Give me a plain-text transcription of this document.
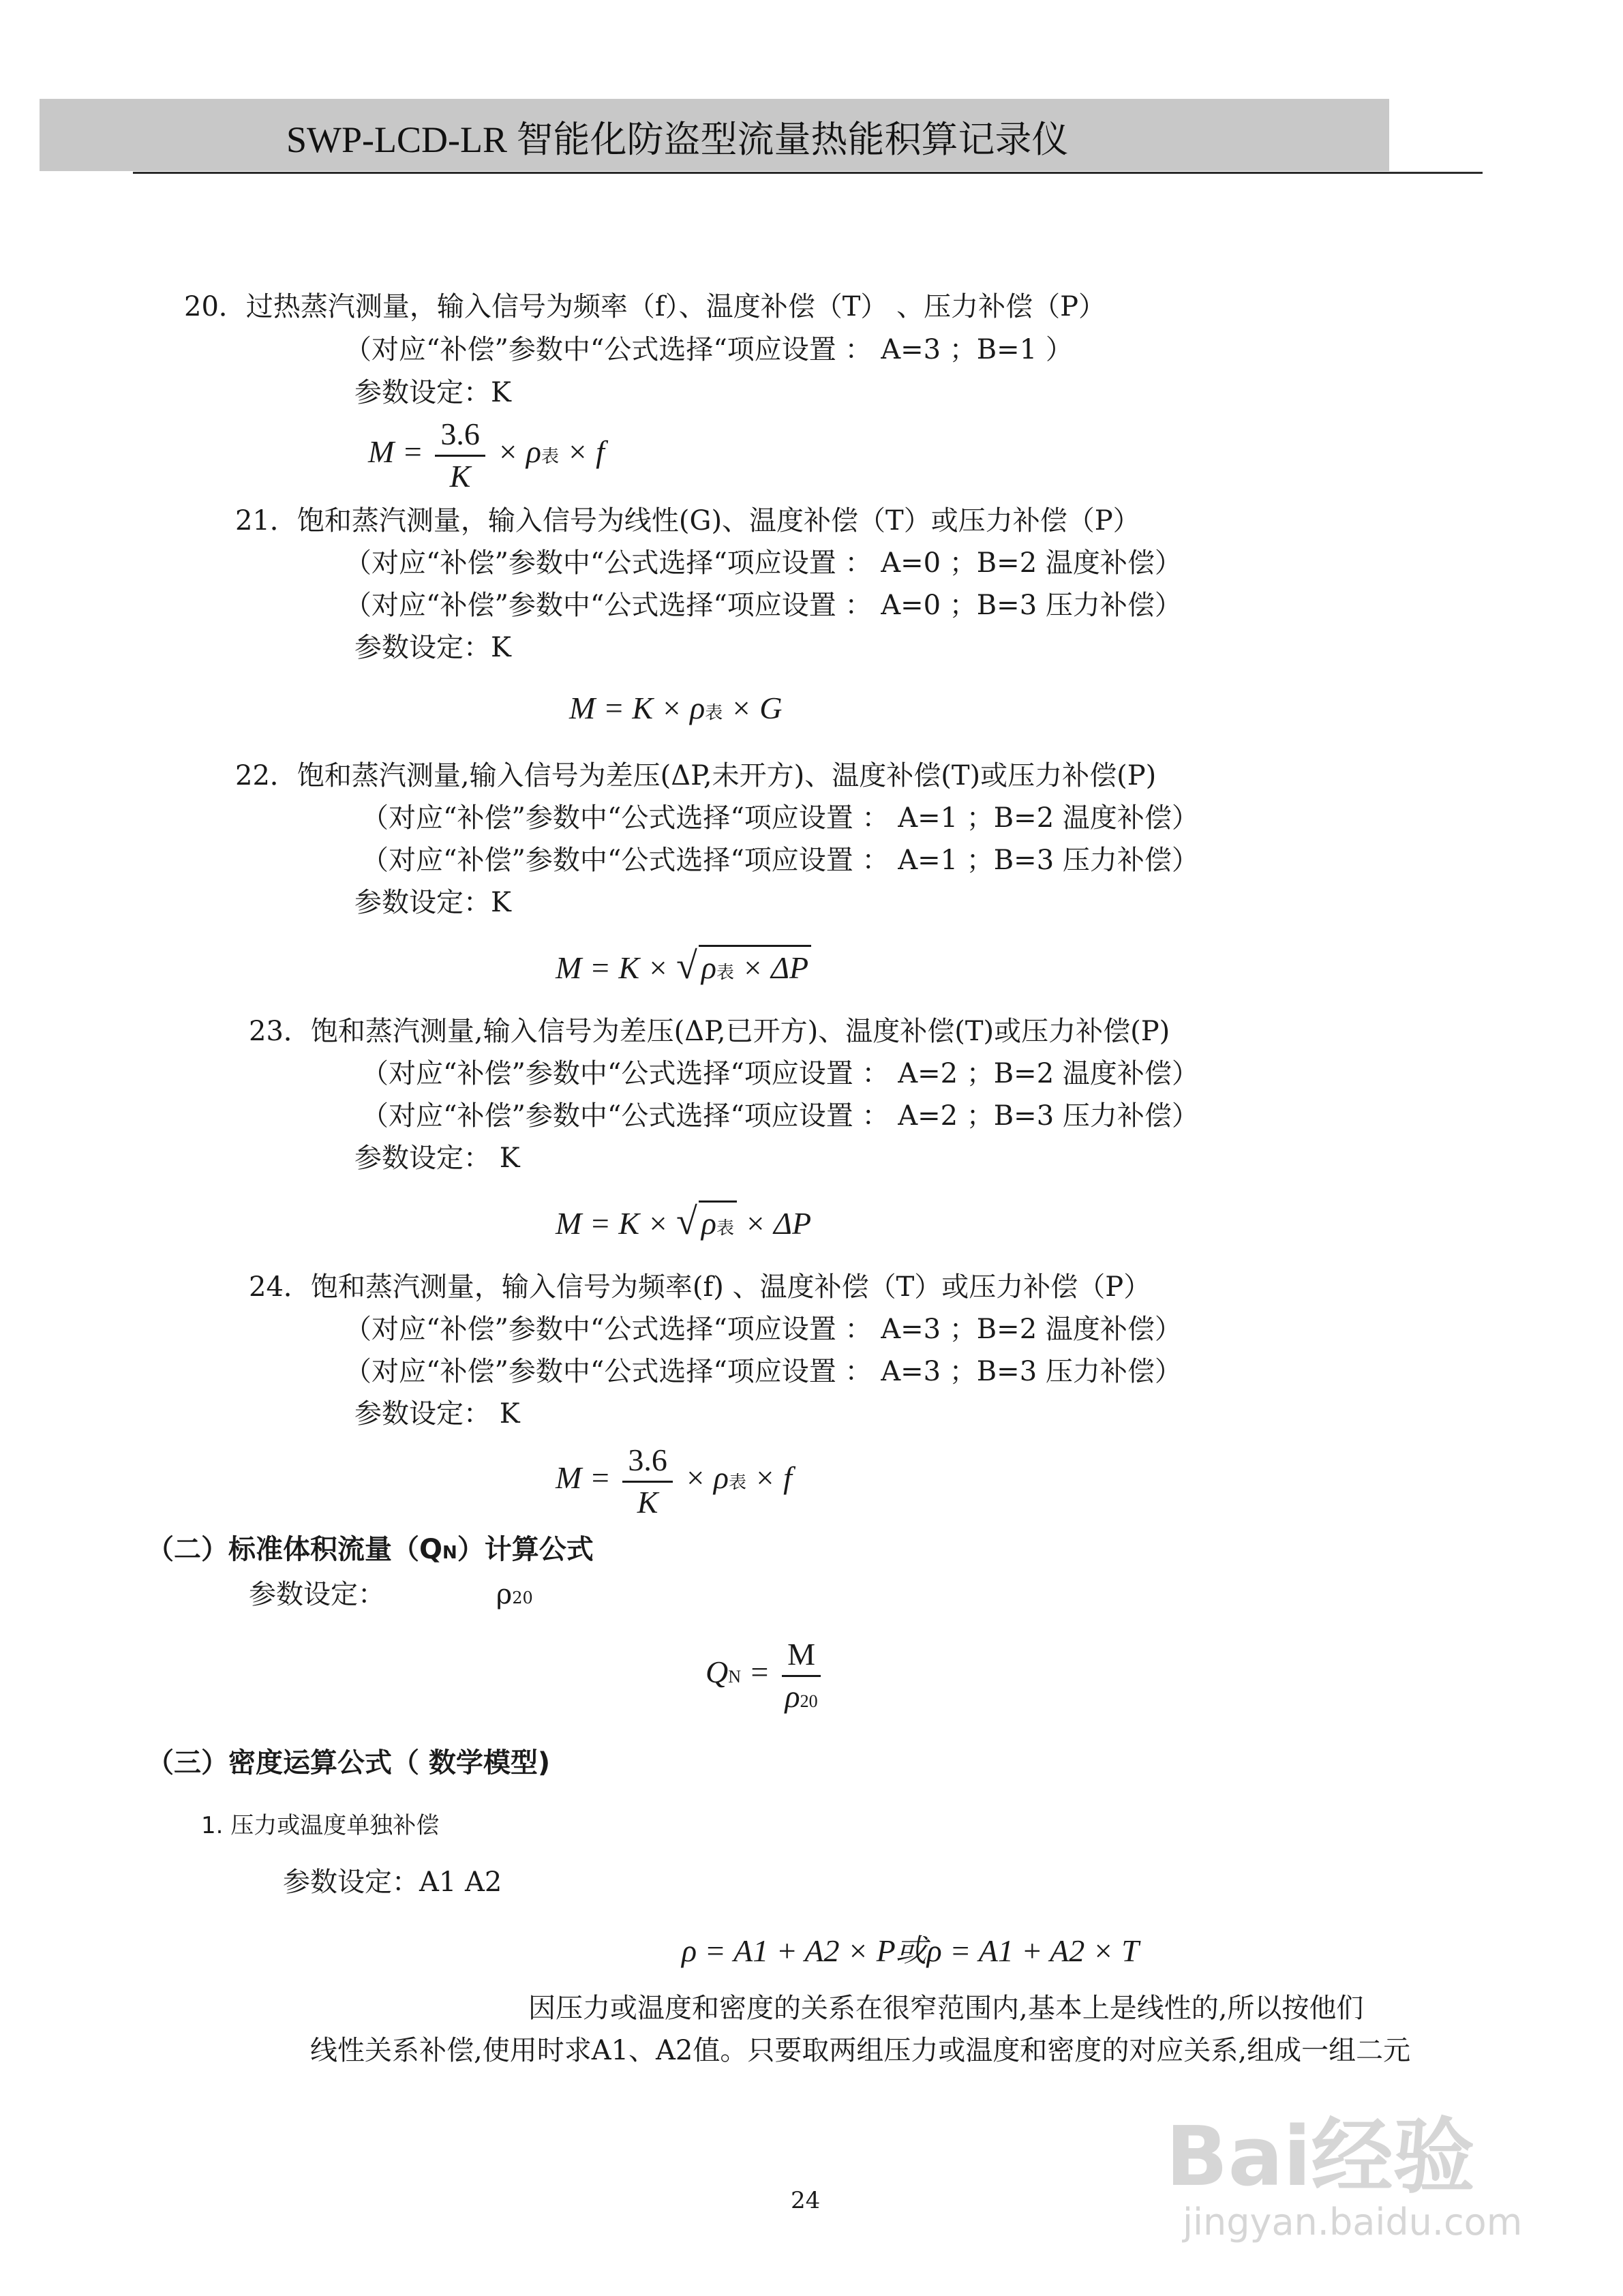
SWP-LCD-LR 智能化防盗型流量热能积算记录仪
20．过热蒸汽测量，输入信号为频率（f）、温度补偿（T） 、压力补偿（P）
（对应“补偿”参数中“公式选择“项应设置 ： A=3 ；B=1 ）
参数设定：K
$M = \frac{3.6}{K} \times \rho$表 × f
21．饱和蒸汽测量，输入信号为线性(G)、温度补偿（T）或压力补偿（P）
（对应“补偿”参数中“公式选择“项应设置 ： A=0 ；B=2 温度补偿）
（对应“补偿”参数中“公式选择“项应设置 ： A=0 ；B=3 压力补偿）
参数设定：K
M = K × ρ表 × G
22．饱和蒸汽测量,输入信号为差压(ΔP,未开方)、温度补偿(T)或压力补偿(P)
（对应“补偿”参数中“公式选择“项应设置 ： A=1 ；B=2 温度补偿）
（对应“补偿”参数中“公式选择“项应设置 ： A=1 ；B=3 压力补偿）
参数设定：K
M = K × √ ρ表 × ΔP
23．饱和蒸汽测量,输入信号为差压(ΔP,已开方)、温度补偿(T)或压力补偿(P)
（对应“补偿”参数中“公式选择“项应设置 ： A=2 ；B=2 温度补偿）
（对应“补偿”参数中“公式选择“项应设置 ： A=2 ；B=3 压力补偿）
参数设定： K
M = K × √ ρ表 × ΔP
24．饱和蒸汽测量，输入信号为频率(f) 、温度补偿（T）或压力补偿（P）
（对应“补偿”参数中“公式选择“项应设置 ： A=3 ；B=2 温度补偿）
（对应“补偿”参数中“公式选择“项应设置 ： A=3 ；B=3 压力补偿）
参数设定： K
$M = \frac{3.6}{K} \times \rho$表 × f
（二）标准体积流量（QN）计算公式
参数设定：	ρ20
QN = $\frac{M}{\rho 20}$
（三）密度运算公式（ 数学模型)
1. 压力或温度单独补偿
参数设定：A1 A2
ρ = A1 + A2 × P或ρ = A1 + A2 × T
因压力或温度和密度的关系在很窄范围内,基本上是线性的,所以按他们
线性关系补偿,使用时求A1、A2值。只要取两组压力或温度和密度的对应关系,组成一组二元
24	Bai经验
jingyan.baidu.com
